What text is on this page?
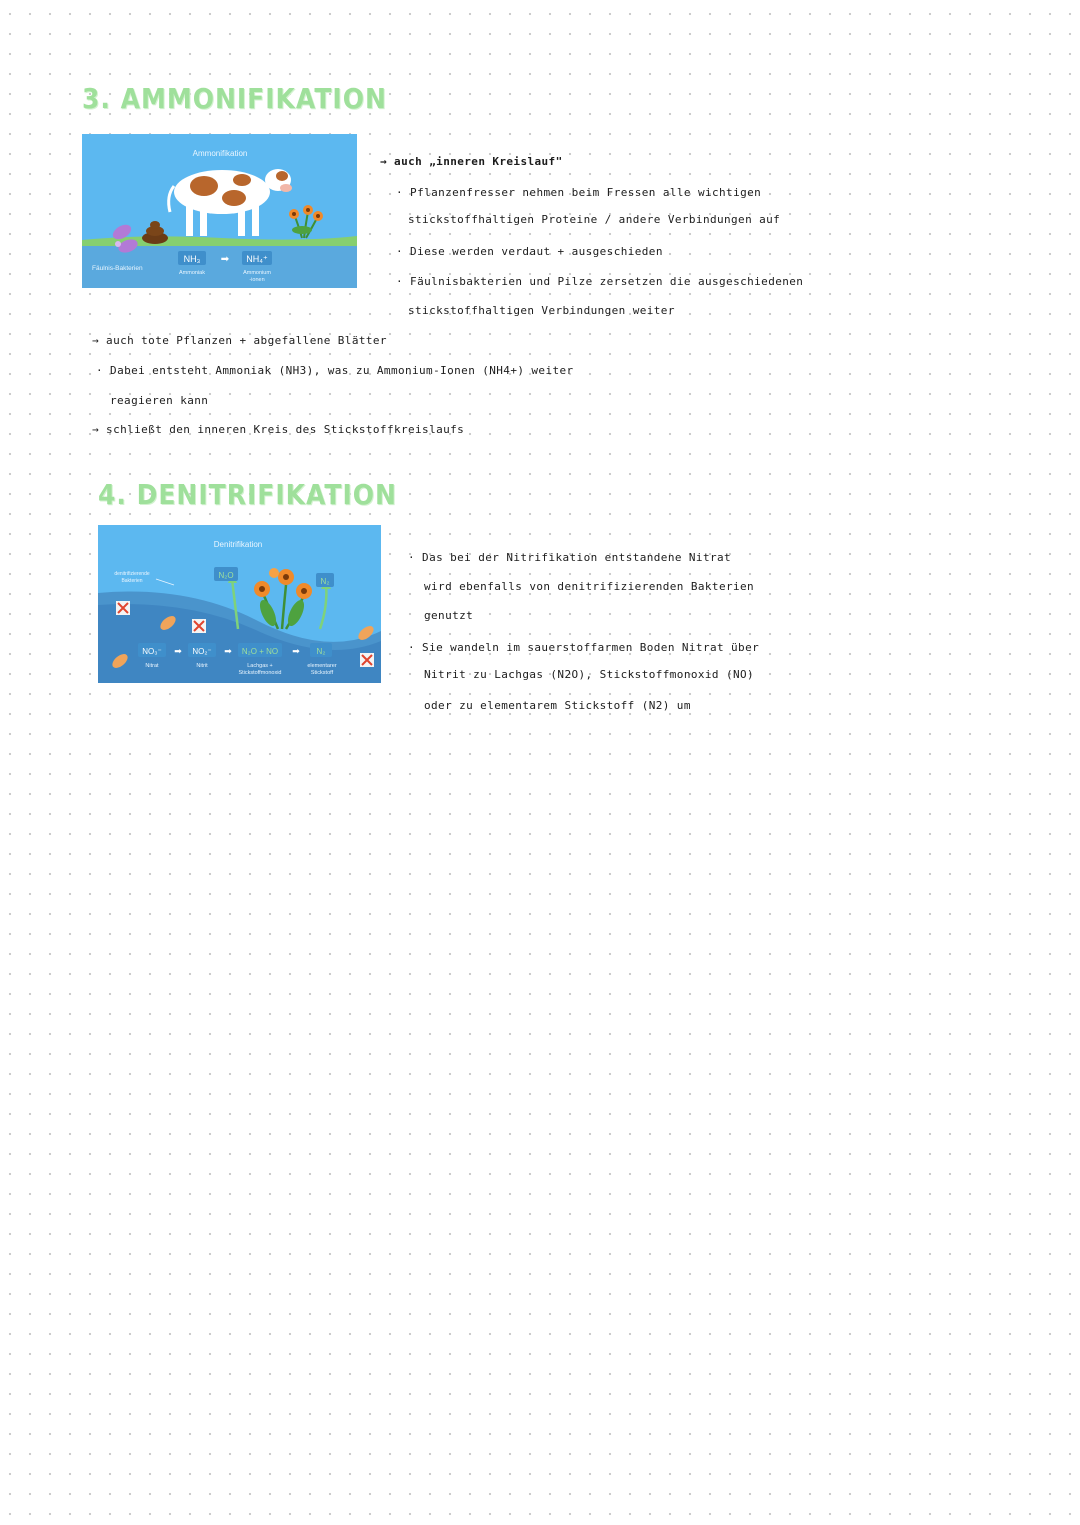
3. AMMONIFIKATION
Ammonifikation
Fäulnis-Bakterien
NH₃ ➡ NH₄⁺
Ammoniak	Ammonium
-ionen

→ auch „inneren Kreislauf"

· Pflanzenfresser nehmen beim Fressen alle wichtigen

stickstoffhaltigen Proteine / andere Verbindungen auf

· Diese werden verdaut + ausgeschieden

· Fäulnisbakterien und Pilze zersetzen die ausgeschiedenen

stickstoffhaltigen Verbindungen weiter

→ auch tote Pflanzen + abgefallene Blätter

· Dabei entsteht Ammoniak (NH3), was zu Ammonium-Ionen (NH4+) weiter

reagieren kann

→ schließt den inneren Kreis des Stickstoffkreislaufs

4. DENITRIFIKATION
Denitrifikation
denitrifizierende
Bakterien
N₂O
N₂
NO₃⁻ ➡ NO₂⁻ ➡ N₂O + NO ➡ N₂
Nitrat	Nitrit	Lachgas +
Stickstoffmonoxid
elementarer
Stickstoff

· Das bei der Nitrifikation entstandene Nitrat

wird ebenfalls von denitrifizierenden Bakterien

genutzt

· Sie wandeln im sauerstoffarmen Boden Nitrat über

Nitrit zu Lachgas (N2O), Stickstoffmonoxid (NO)

oder zu elementarem Stickstoff (N2) um
